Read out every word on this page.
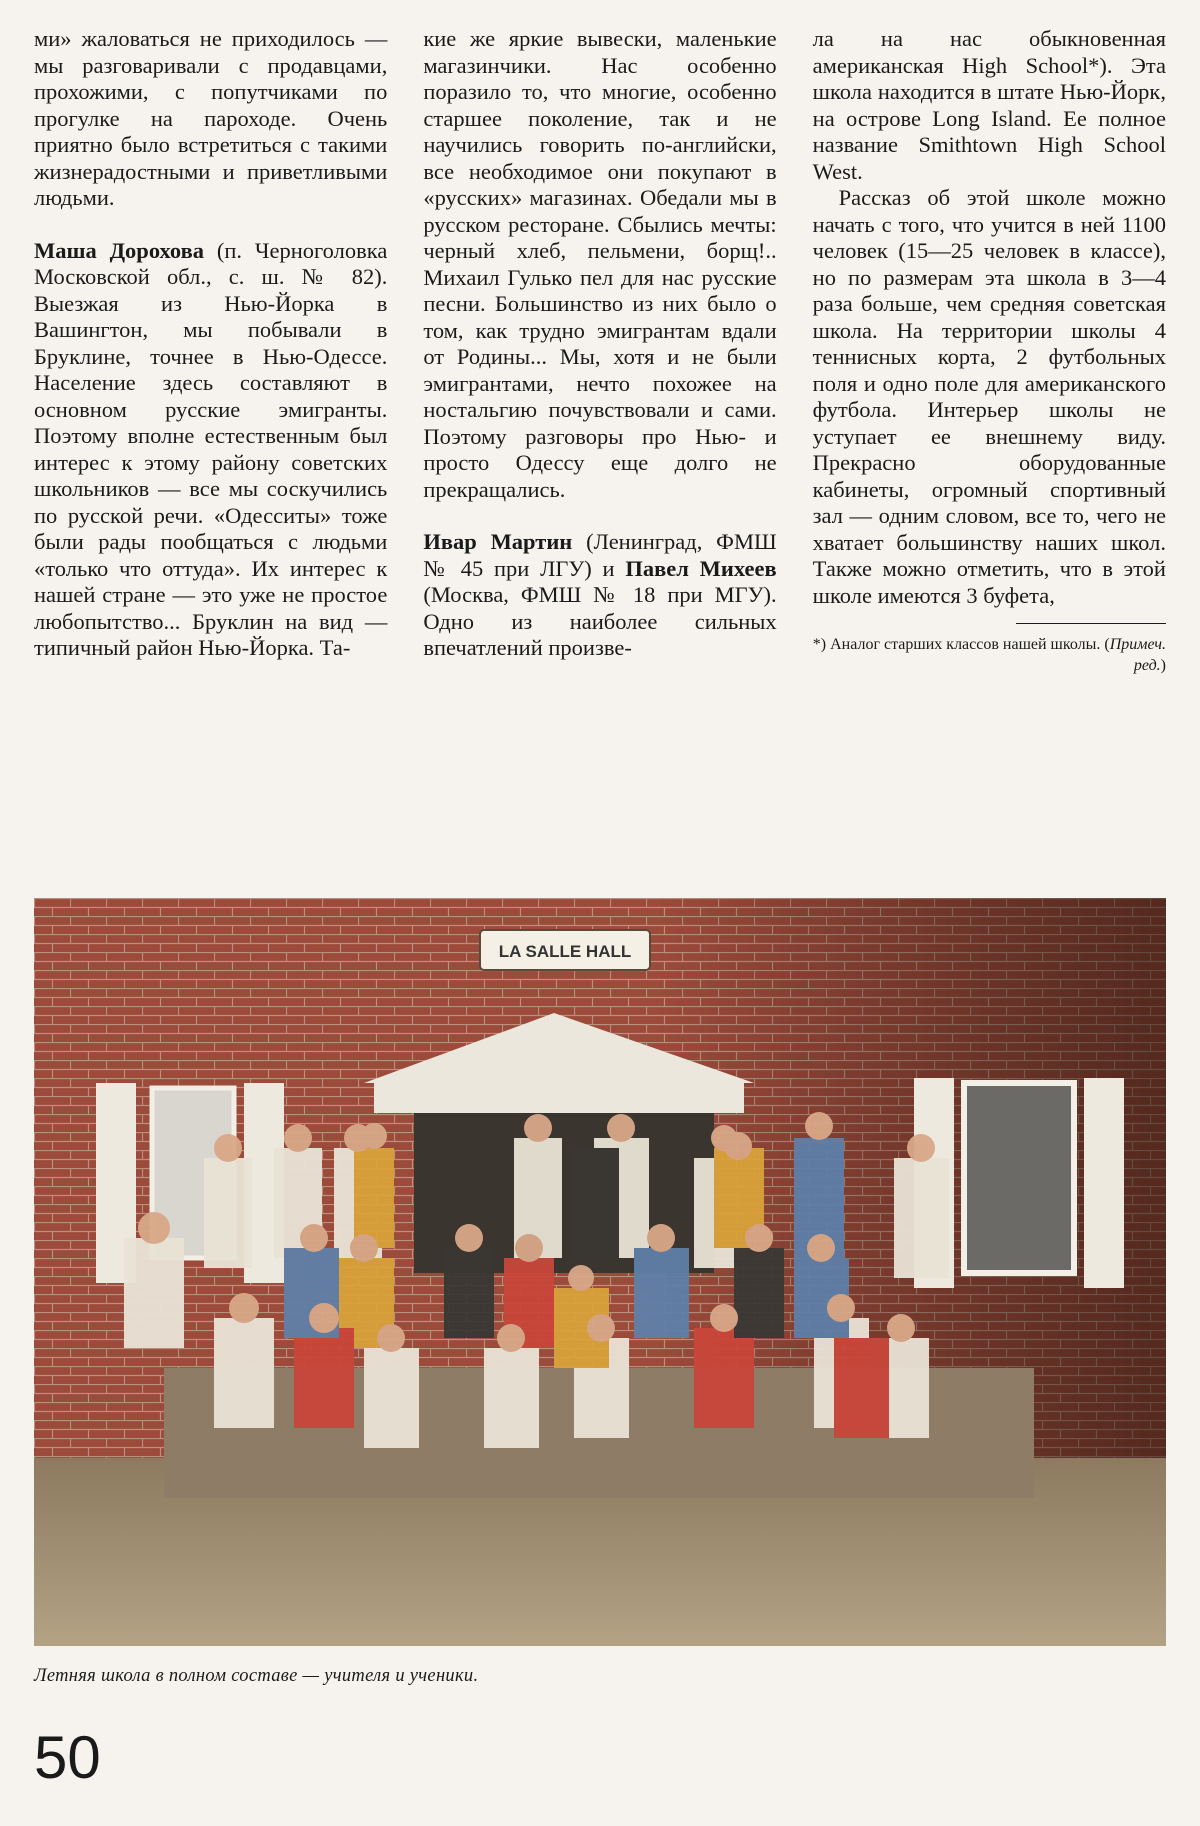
ми» жаловаться не приходилось — мы разговаривали с продавцами, прохожими, с попутчиками по прогулке на пароходе. Очень приятно было встретиться с такими жизнерадостными и приветливыми людьми.

Маша Дорохова (п. Черноголовка Московской обл., с. ш. № 82). Выезжая из Нью-Йорка в Вашингтон, мы побывали в Бруклине, точнее в Нью-Одессе. Население здесь составляют в основном русские эмигранты. Поэтому вполне естественным был интерес к этому району советских школьников — все мы соскучились по русской речи. «Одесситы» тоже были рады пообщаться с людьми «только что оттуда». Их интерес к нашей стране — это уже не простое любопытство... Бруклин на вид — типичный район Нью-Йорка. Та-

кие же яркие вывески, маленькие магазинчики. Нас особенно поразило то, что многие, особенно старшее поколение, так и не научились говорить по-английски, все необходимое они покупают в «русских» магазинах. Обедали мы в русском ресторане. Сбылись мечты: черный хлеб, пельмени, борщ!.. Михаил Гулько пел для нас русские песни. Большинство из них было о том, как трудно эмигрантам вдали от Родины... Мы, хотя и не были эмигрантами, нечто похожее на ностальгию почувствовали и сами. Поэтому разговоры про Нью- и просто Одессу еще долго не прекращались.

Ивар Мартин (Ленинград, ФМШ № 45 при ЛГУ) и Павел Михеев (Москва, ФМШ № 18 при МГУ). Одно из наиболее сильных впечатлений произве-

ла на нас обыкновенная американская High School*). Эта школа находится в штате Нью-Йорк, на острове Long Island. Ее полное название Smithtown High School West.

Рассказ об этой школе можно начать с того, что учится в ней 1100 человек (15—25 человек в классе), но по размерам эта школа в 3—4 раза больше, чем средняя советская школа. На территории школы 4 теннисных корта, 2 футбольных поля и одно поле для американского футбола. Интерьер школы не уступает ее внешнему виду. Прекрасно оборудованные кабинеты, огромный спортивный зал — одним словом, все то, чего не хватает большинству наших школ. Также можно отметить, что в этой школе имеются 3 буфета,

*) Аналог старших классов нашей школы. (Примеч. ред.)
LA SALLE HALL
Летняя школа в полном составе — учителя и ученики.
50
